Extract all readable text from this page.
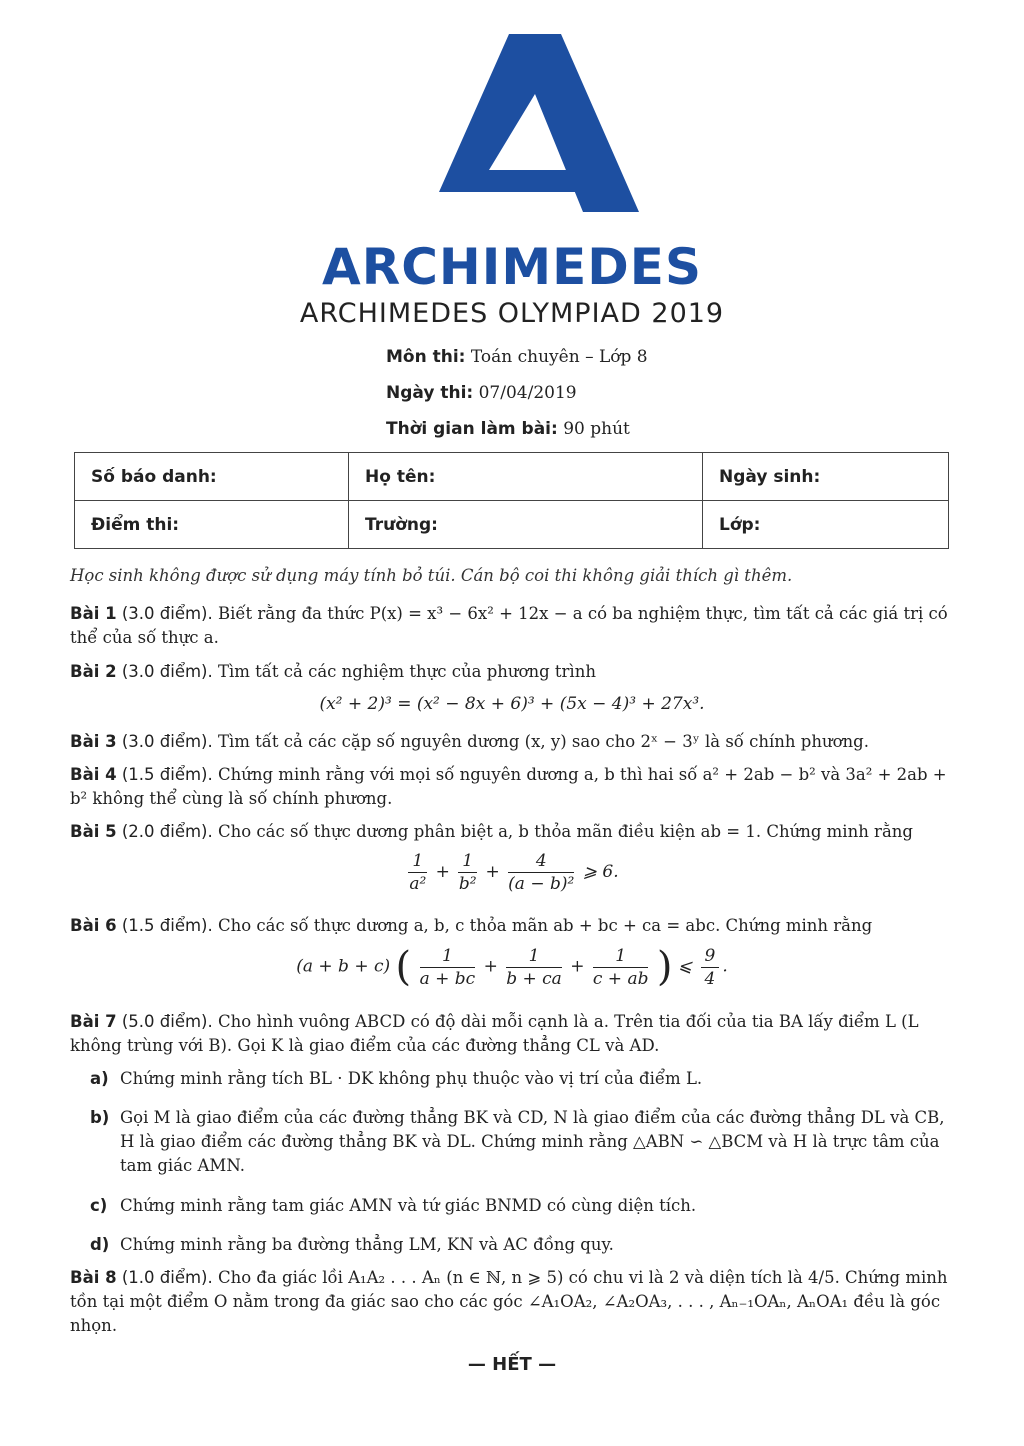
ARCHIMEDES
ARCHIMEDES OLYMPIAD 2019
Môn thi: Toán chuyên – Lớp 8
Ngày thi: 07/04/2019
Thời gian làm bài: 90 phút
Số báo danh:	Họ tên:	Ngày sinh:
Điểm thi:	Trường:	Lớp:
Học sinh không được sử dụng máy tính bỏ túi. Cán bộ coi thi không giải thích gì thêm.
Bài 1 (3.0 điểm). Biết rằng đa thức P(x) = x³ − 6x² + 12x − a có ba nghiệm thực, tìm tất cả các giá trị có thể của số thực a.
Bài 2 (3.0 điểm). Tìm tất cả các nghiệm thực của phương trình
(x² + 2)³ = (x² − 8x + 6)³ + (5x − 4)³ + 27x³.
Bài 3 (3.0 điểm). Tìm tất cả các cặp số nguyên dương (x, y) sao cho 2ˣ − 3ʸ là số chính phương.
Bài 4 (1.5 điểm). Chứng minh rằng với mọi số nguyên dương a, b thì hai số a² + 2ab − b² và 3a² + 2ab + b² không thể cùng là số chính phương.
Bài 5 (2.0 điểm). Cho các số thực dương phân biệt a, b thỏa mãn điều kiện ab = 1. Chứng minh rằng
$\frac{1}{\text{a²}} + \frac{1}{\text{b²}} + \frac{4}{\text{(a − b)²}}$ ⩾ 6.
Bài 6 (1.5 điểm). Cho các số thực dương a, b, c thỏa mãn ab + bc + ca = abc. Chứng minh rằng
(a + b + c) ( $\frac{1}{a + bc} + \frac{1}{b + ca} + \frac{1}{c + ab}$ ) ⩽ $\frac{9}{4}$ .
Bài 7 (5.0 điểm). Cho hình vuông ABCD có độ dài mỗi cạnh là a. Trên tia đối của tia BA lấy điểm L (L không trùng với B). Gọi K là giao điểm của các đường thẳng CL và AD.
a) Chứng minh rằng tích BL · DK không phụ thuộc vào vị trí của điểm L.
b) Gọi M là giao điểm của các đường thẳng BK và CD, N là giao điểm của các đường thẳng DL và CB, H là giao điểm các đường thẳng BK và DL. Chứng minh rằng △ABN ∽ △BCM và H là trực tâm của tam giác AMN.
c) Chứng minh rằng tam giác AMN và tứ giác BNMD có cùng diện tích.
d) Chứng minh rằng ba đường thẳng LM, KN và AC đồng quy.
Bài 8 (1.0 điểm). Cho đa giác lồi A₁A₂ . . . Aₙ (n ∈ ℕ, n ⩾ 5) có chu vi là 2 và diện tích là 4/5. Chứng minh tồn tại một điểm O nằm trong đa giác sao cho các góc ∠A₁OA₂, ∠A₂OA₃, . . . , Aₙ₋₁OAₙ, AₙOA₁ đều là góc nhọn.
— HẾT —
